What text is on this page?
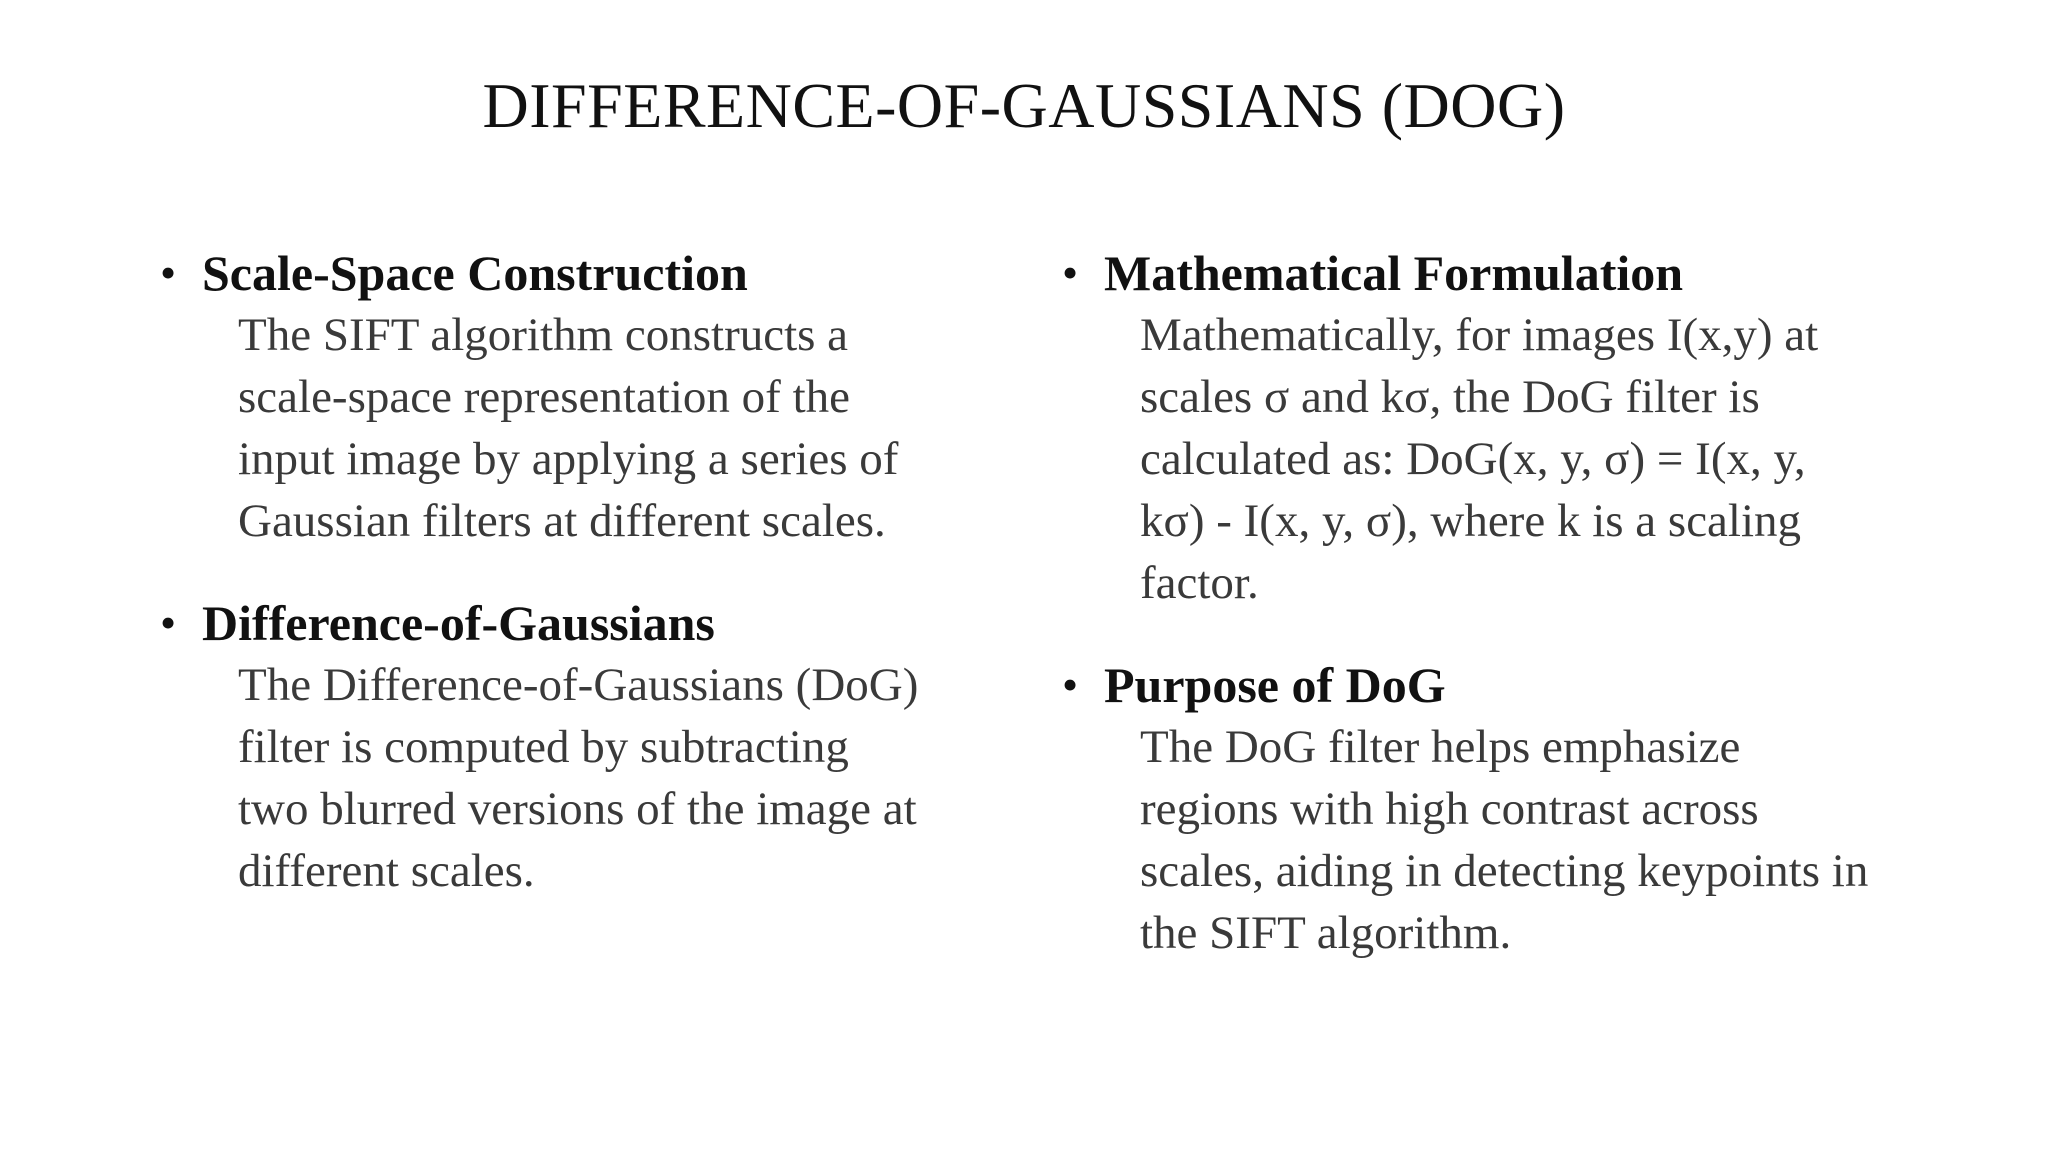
DIFFERENCE-OF-GAUSSIANS (DOG)
• Scale-Space Construction
The SIFT algorithm constructs a
scale-space representation of the
input image by applying a series of
Gaussian filters at different scales.
• Difference-of-Gaussians
The Difference-of-Gaussians (DoG)
filter is computed by subtracting
two blurred versions of the image at
different scales.
• Mathematical Formulation
Mathematically, for images I(x,y) at
scales σ and kσ, the DoG filter is
calculated as: DoG(x, y, σ) = I(x, y,
kσ) - I(x, y, σ), where k is a scaling
factor.
• Purpose of DoG
The DoG filter helps emphasize
regions with high contrast across
scales, aiding in detecting keypoints in
the SIFT algorithm.
